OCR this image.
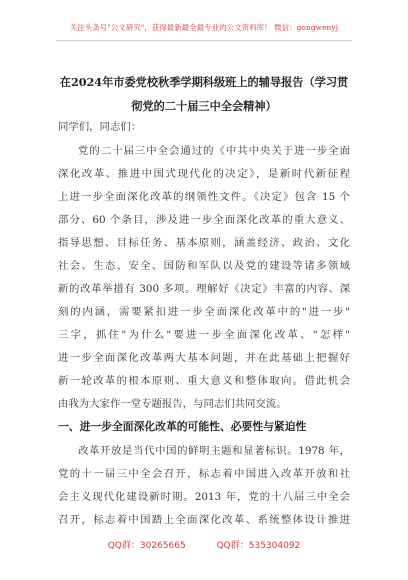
关注头条号"公文研究"，获得最新最全最专业的公文资料库！ 微信：gongwenyj
在2024年市委党校秋季学期科级班上的辅导报告（学习贯
彻党的二十届三中全会精神）
同学们，同志们：
党的二十届三中全会通过的《中共中央关于进一步全面
深化改革、推进中国式现代化的决定》，是新时代新征程
上进一步全面深化改革的纲领性文件。《决定》包含 15 个
部分、60 个条目，涉及进一步全面深化改革的重大意义、
指导思想、目标任务、基本原则，涵盖经济、政治、文化
社会、生态、安全、国防和军队以及党的建设等诸多领域
新的改革举措有 300 多项。理解好《决定》丰富的内容、深
刻的内涵，需要紧扣进一步全面深化改革中的"进一步"
三字，抓住"为什么"要进一步全面深化改革、"怎样"
进一步全面深化改革两大基本问题，并在此基础上把握好
新一轮改革的根本原则、重大意义和整体取向。借此机会
由我为大家作一堂专题报告，与同志们共同交流。
一、进一步全面深化改革的可能性、必要性与紧迫性
改革开放是当代中国的鲜明主题和显著标识。1978 年，
党的十一届三中全会召开，标志着中国进入改革开放和社
会主义现代化建设新时期。2013 年，党的十八届三中全会
召开，标志着中国踏上全面深化改革、系统整体设计推进
QQ群：30265665	QQ群：535304092
